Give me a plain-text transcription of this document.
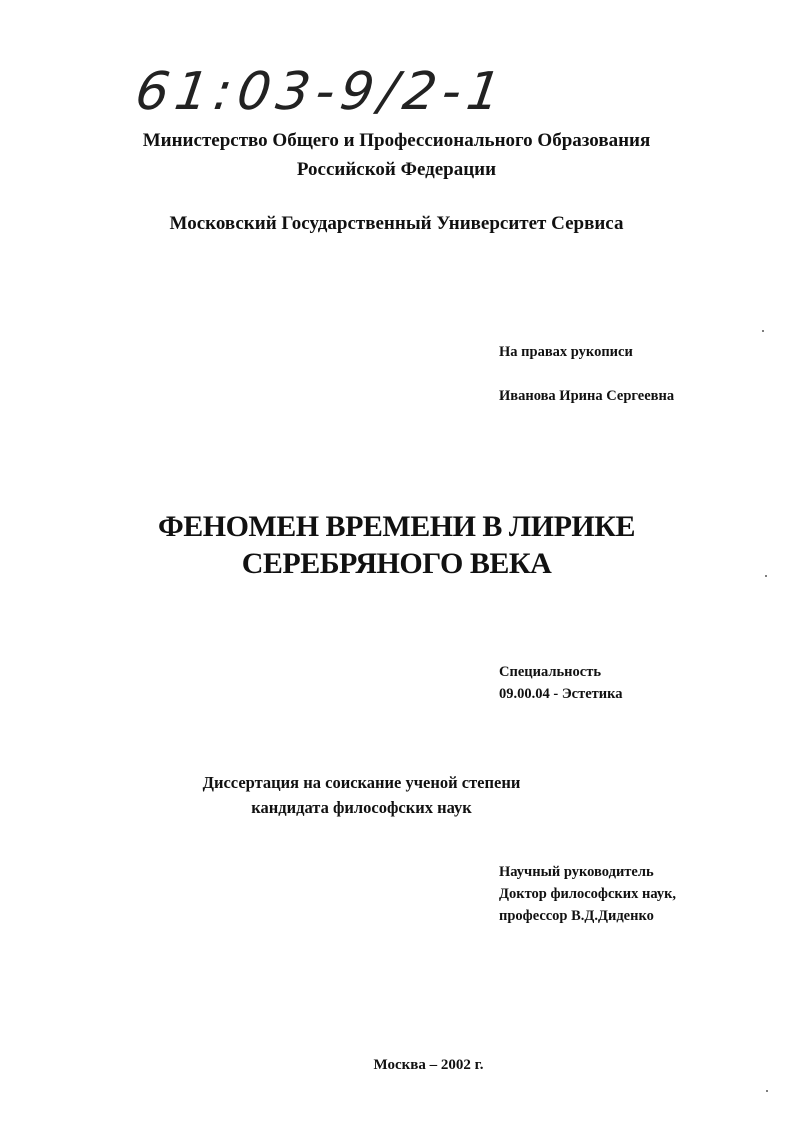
61:03-9/2-1
Министерство Общего и Профессионального Образования
Российской Федерации
Московский Государственный Университет Сервиса
На правах рукописи
Иванова Ирина Сергеевна
ФЕНОМЕН ВРЕМЕНИ В ЛИРИКЕ
СЕРЕБРЯНОГО ВЕКА
Специальность
09.00.04 - Эстетика
Диссертация на соискание ученой степени
кандидата философских наук
Научный руководитель
Доктор философских наук,
профессор В.Д.Диденко
Москва – 2002 г.
